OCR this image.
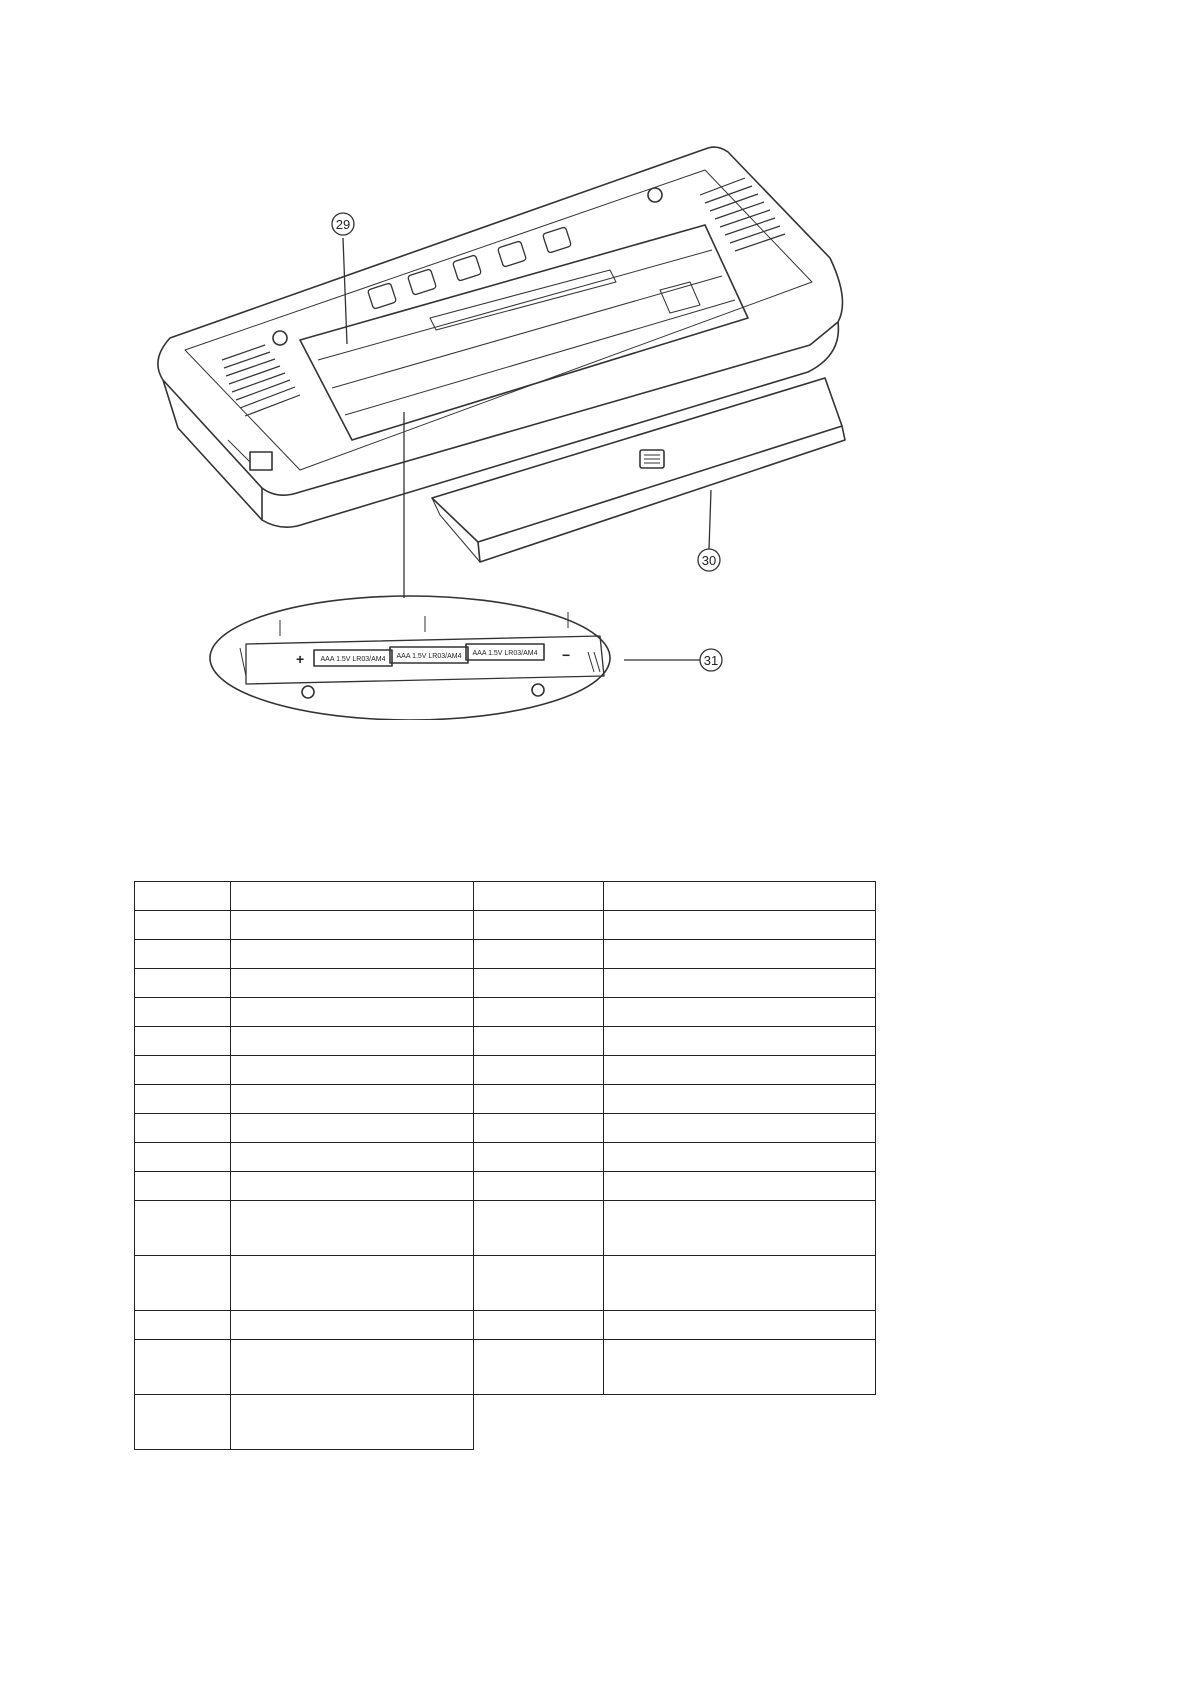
AAA 1.5V LR03/AM4 AAA 1.5V LR03/AM4 AAA 1.5V LR03/AM4
+	−
29
30
31
